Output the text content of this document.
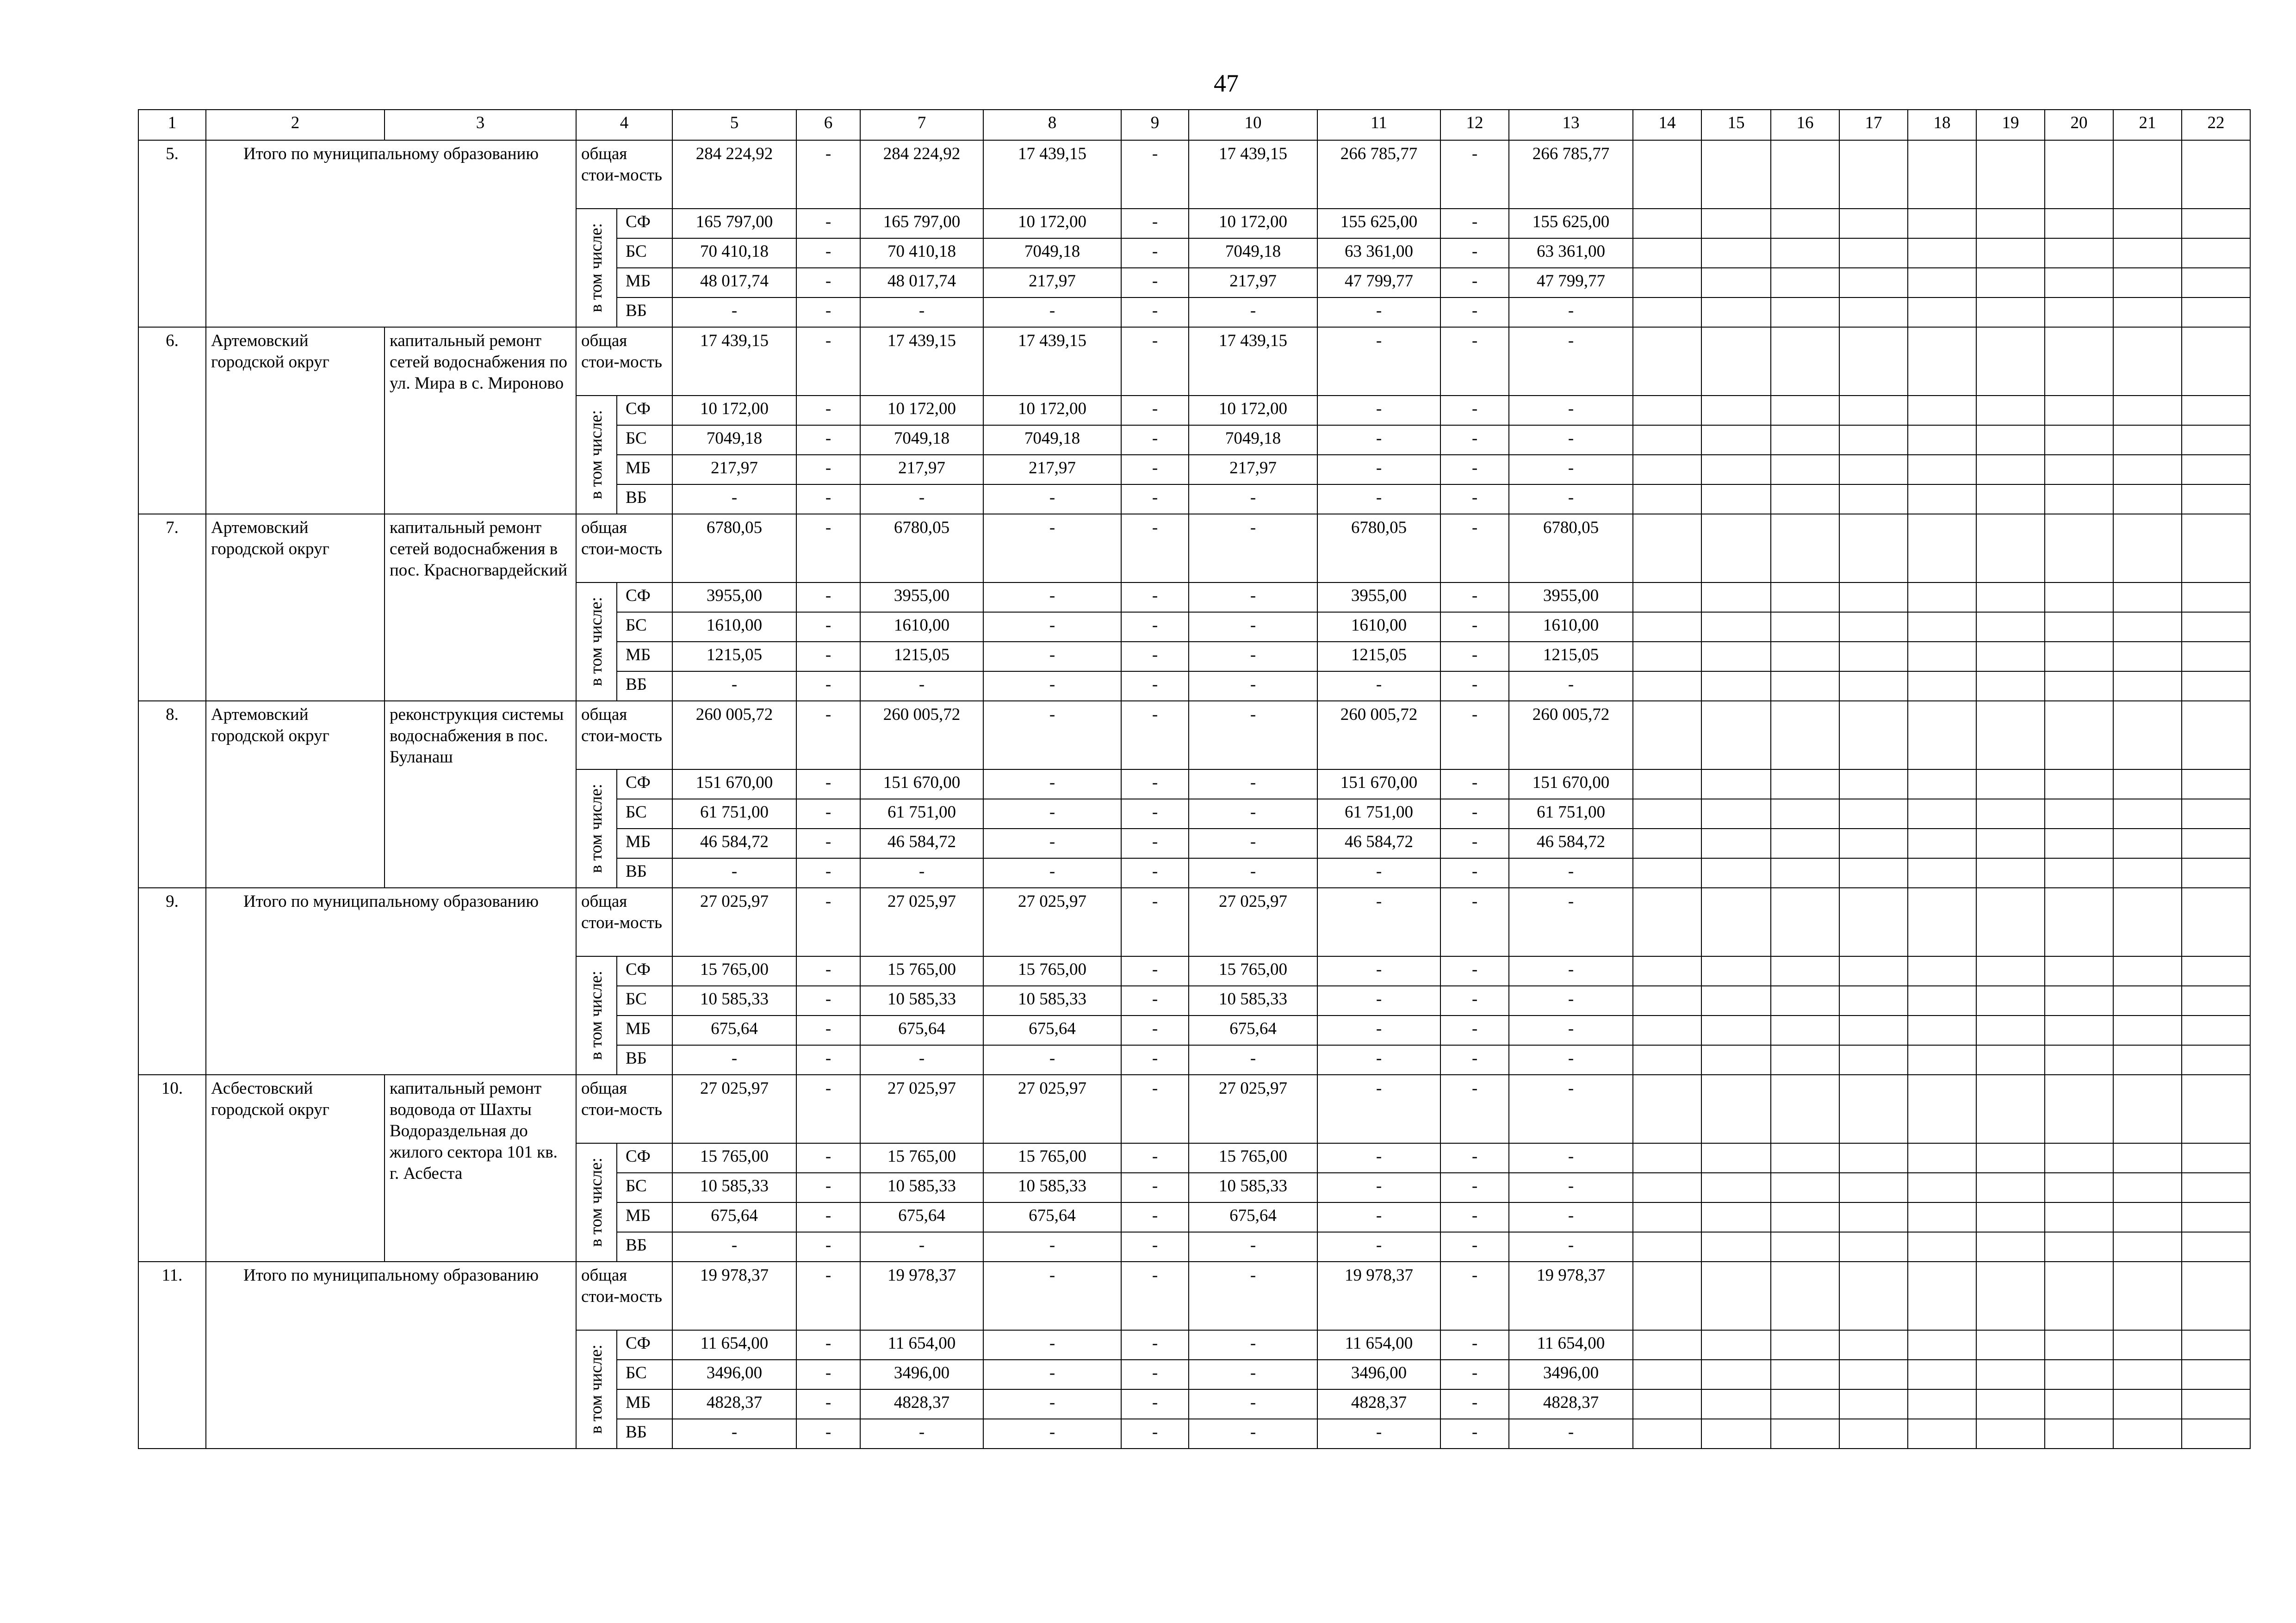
47
1	2	3	4		5	6	7	8	9	10	11	12	13	14	15	16	17	18	19	20	21	22
5.	Итого по муниципальному образованию		общая стои-мость		284 224,92	-	284 224,92	17 439,15	-	17 439,15	266 785,77	-	266 785,77									

			в том числе:	СФ	165 797,00	-	165 797,00	10 172,00	-	10 172,00	155 625,00	-	155 625,00									
				БС	70 410,18	-	70 410,18	7049,18	-	7049,18	63 361,00	-	63 361,00									
				МБ	48 017,74	-	48 017,74	217,97	-	217,97	47 799,77	-	47 799,77									
				ВБ	-	-	-	-	-	-	-	-	-									
6.	Артемовский городской округ	капитальный ремонт сетей водоснабжения по ул. Мира в с. Мироново	общая стои-мость		17 439,15	-	17 439,15	17 439,15	-	17 439,15	-	-	-									

			в том числе:	СФ	10 172,00	-	10 172,00	10 172,00	-	10 172,00	-	-	-									
				БС	7049,18	-	7049,18	7049,18	-	7049,18	-	-	-									
				МБ	217,97	-	217,97	217,97	-	217,97	-	-	-									
				ВБ	-	-	-	-	-	-	-	-	-									
7.	Артемовский городской округ	капитальный ремонт сетей водоснабжения в пос. Красногвардейский	общая стои-мость		6780,05	-	6780,05	-	-	-	6780,05	-	6780,05									

			в том числе:	СФ	3955,00	-	3955,00	-	-	-	3955,00	-	3955,00									
				БС	1610,00	-	1610,00	-	-	-	1610,00	-	1610,00									
				МБ	1215,05	-	1215,05	-	-	-	1215,05	-	1215,05									
				ВБ	-	-	-	-	-	-	-	-	-									
8.	Артемовский городской округ	реконструкция системы водоснабжения в пос. Буланаш	общая стои-мость		260 005,72	-	260 005,72	-	-	-	260 005,72	-	260 005,72									

			в том числе:	СФ	151 670,00	-	151 670,00	-	-	-	151 670,00	-	151 670,00									
				БС	61 751,00	-	61 751,00	-	-	-	61 751,00	-	61 751,00									
				МБ	46 584,72	-	46 584,72	-	-	-	46 584,72	-	46 584,72									
				ВБ	-	-	-	-	-	-	-	-	-									
9.	Итого по муниципальному образованию		общая стои-мость		27 025,97	-	27 025,97	27 025,97	-	27 025,97	-	-	-									

			в том числе:	СФ	15 765,00	-	15 765,00	15 765,00	-	15 765,00	-	-	-									
				БС	10 585,33	-	10 585,33	10 585,33	-	10 585,33	-	-	-									
				МБ	675,64	-	675,64	675,64	-	675,64	-	-	-									
				ВБ	-	-	-	-	-	-	-	-	-									
10.	Асбестовский городской округ	капитальный ремонт водовода от Шахты Водораздельная до жилого сектора 101 кв. г. Асбеста	общая стои-мость		27 025,97	-	27 025,97	27 025,97	-	27 025,97	-	-	-									

			в том числе:	СФ	15 765,00	-	15 765,00	15 765,00	-	15 765,00	-	-	-									
				БС	10 585,33	-	10 585,33	10 585,33	-	10 585,33	-	-	-									
				МБ	675,64	-	675,64	675,64	-	675,64	-	-	-									
				ВБ	-	-	-	-	-	-	-	-	-									
11.	Итого по муниципальному образованию		общая стои-мость		19 978,37	-	19 978,37	-	-	-	19 978,37	-	19 978,37									

			в том числе:	СФ	11 654,00	-	11 654,00	-	-	-	11 654,00	-	11 654,00									
				БС	3496,00	-	3496,00	-	-	-	3496,00	-	3496,00									
				МБ	4828,37	-	4828,37	-	-	-	4828,37	-	4828,37									
				ВБ	-	-	-	-	-	-	-	-	-									
